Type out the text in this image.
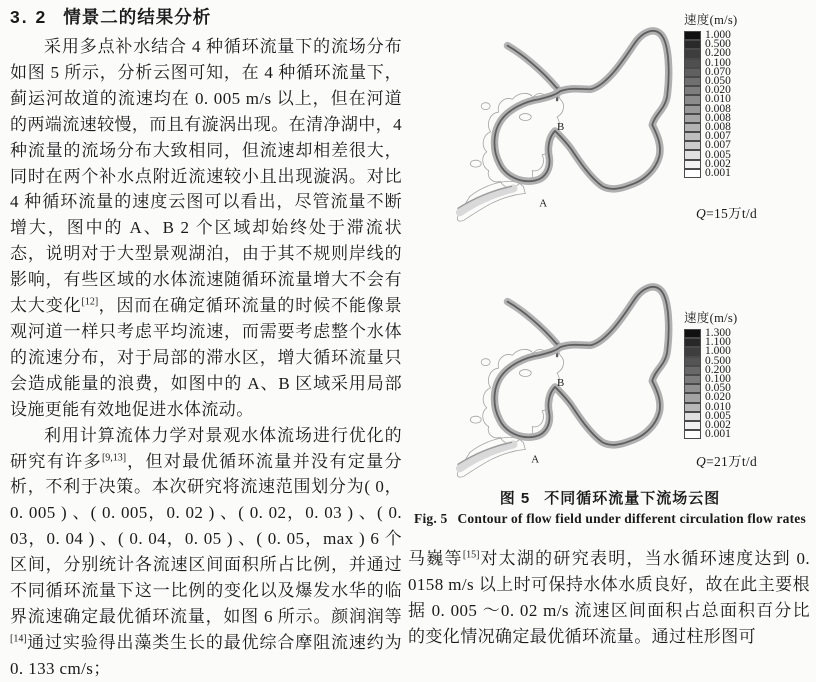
3. 2 情景二的结果分析

采用多点补水结合 4 种循环流量下的流场分布如图 5 所示，分析云图可知，在 4 种循环流量下，蓟运河故道的流速均在 0. 005 m/s 以上，但在河道的两端流速较慢，而且有漩涡出现。在清净湖中，4 种流量的流场分布大致相同，但流速却相差很大，同时在两个补水点附近流速较小且出现漩涡。对比 4 种循环流量的速度云图可以看出，尽管流量不断增大，图中的 A、B 2 个区域却始终处于滞流状态，说明对于大型景观湖泊，由于其不规则岸线的影响，有些区域的水体流速随循环流量增大不会有太大变化[12]，因而在确定循环流量的时候不能像景观河道一样只考虑平均流速，而需要考虑整个水体的流速分布，对于局部的滞水区，增大循环流量只会造成能量的浪费，如图中的 A、B 区域采用局部设施更能有效地促进水体流动。

利用计算流体力学对景观水体流场进行优化的研究有许多[9,13]，但对最优循环流量并没有定量分析，不利于决策。本次研究将流速范围划分为( 0，0. 005 ) 、( 0. 005，0. 02 ) 、( 0. 02，0. 03 ) 、( 0. 03，0. 04 ) 、( 0. 04，0. 05 ) 、( 0. 05，max ) 6 个区间，分别统计各流速区间面积所占比例，并通过不同循环流量下这一比例的变化以及爆发水华的临界流速确定最优循环流量，如图 6 所示。颜润润等[14]通过实验得出藻类生长的最优综合摩阻流速约为 0. 133 cm/s；

B
A
速度(m/s)
1.000
0.500
0.200
0.100
0.070
0.050
0.020
0.010
0.008
0.008
0.008
0.007
0.007
0.005
0.002
0.001
Q=15万t/d
B
A
速度(m/s)
1.300
1.100
1.000
0.500
0.200
0.100
0.050
0.020
0.010
0.005
0.002
0.001
Q=21万t/d
图 5 不同循环流量下流场云图
Fig. 5 Contour of flow field under different circulation flow rates

马巍等[15]对太湖的研究表明，当水循环速度达到 0. 0158 m/s 以上时可保持水体水质良好，故在此主要根据 0. 005 ～0. 02 m/s 流速区间面积占总面积百分比的变化情况确定最优循环流量。通过柱形图可
